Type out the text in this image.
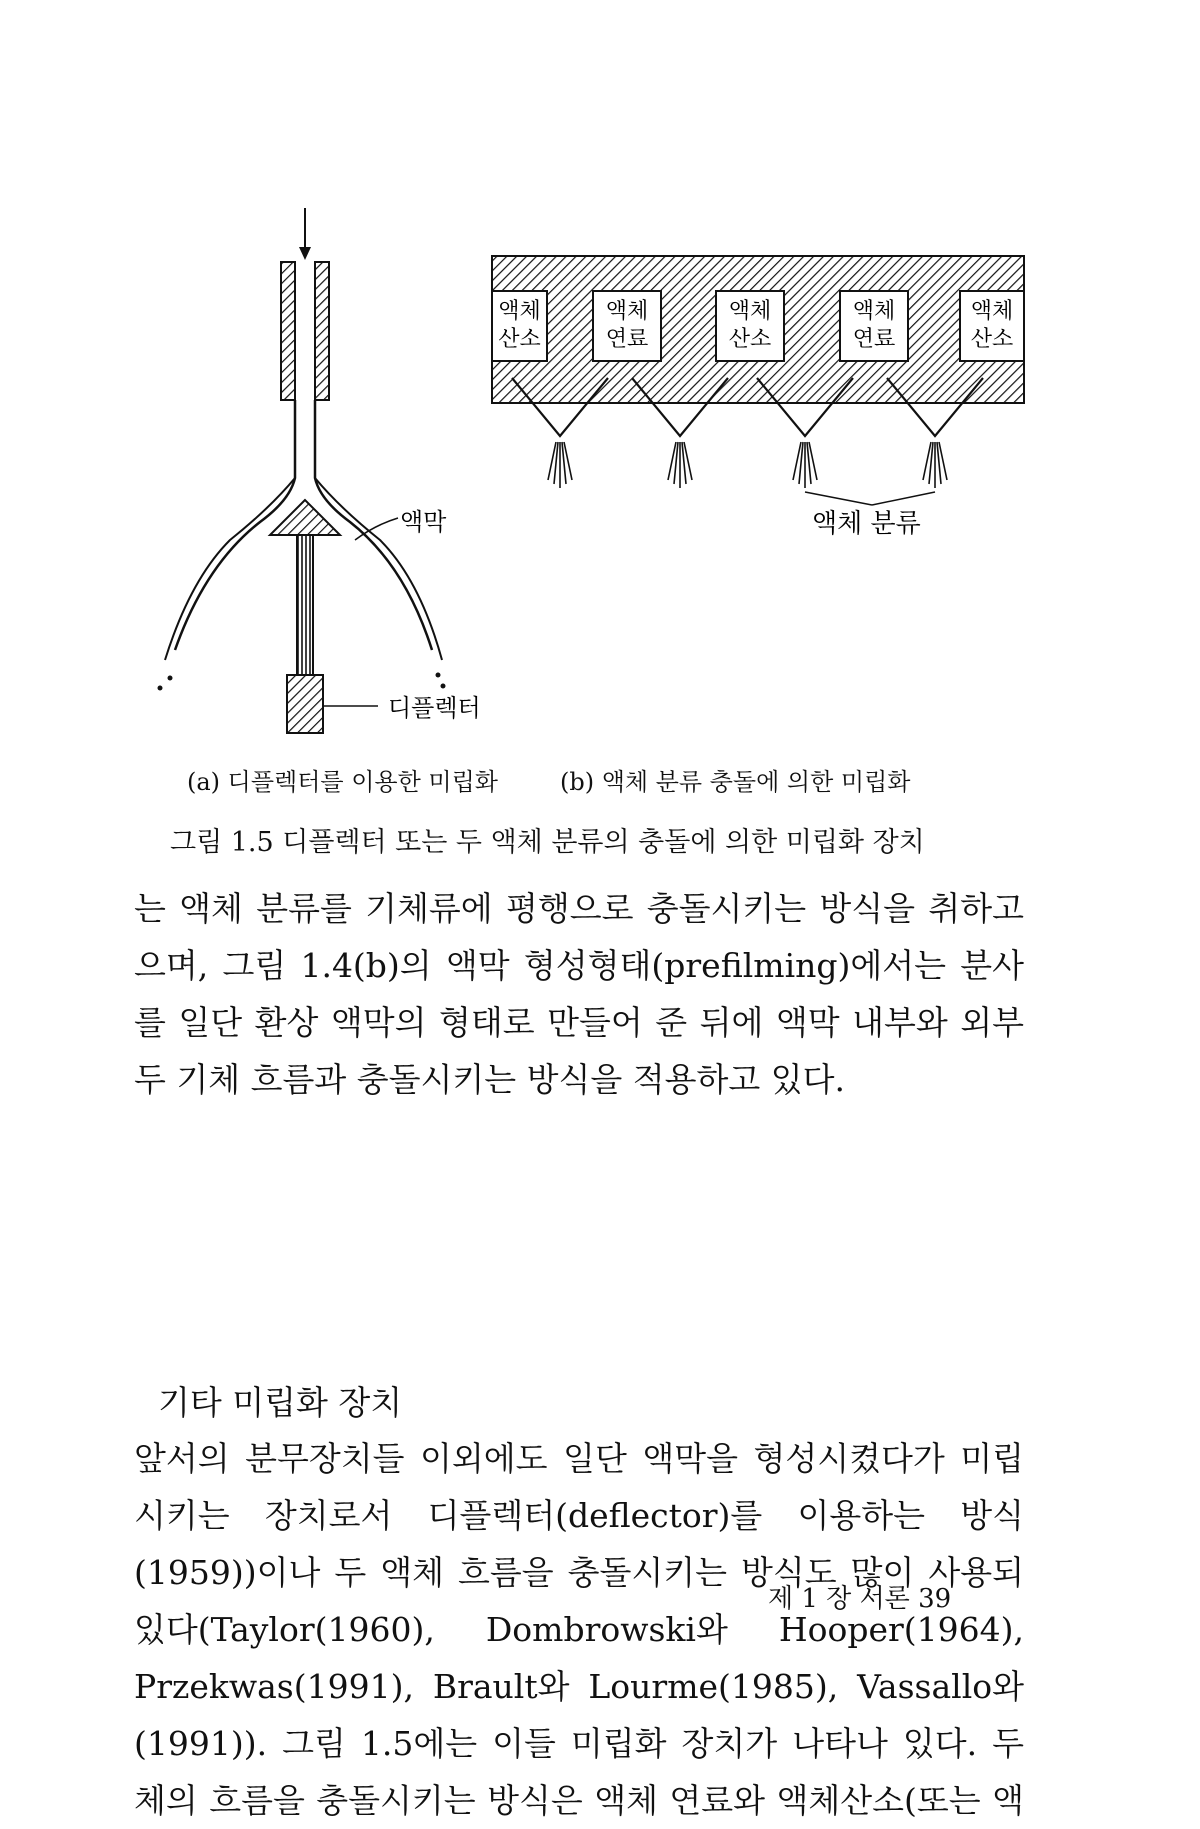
액막
디플렉터
액체
산소
액체
연료
액체
산소
액체
연료
액체
산소
액체 분류
(a) 디플렉터를 이용한 미립화	(b) 액체 분류 충돌에 의한 미립화
그림 1.5 디플렉터 또는 두 액체 분류의 충돌에 의한 미립화 장치
는 액체 분류를 기체류에 평행으로 충돌시키는 방식을 취하고
으며, 그림 1.4(b)의 액막 형성형태(prefilming)에서는 분사
를 일단 환상 액막의 형태로 만들어 준 뒤에 액막 내부와 외부
두 기체 흐름과 충돌시키는 방식을 적용하고 있다.
기타 미립화 장치
앞서의 분무장치들 이외에도 일단 액막을 형성시켰다가 미립
시키는 장치로서 디플렉터(deflector)를 이용하는 방식
(1959))이나 두 액체 흐름을 충돌시키는 방식도 많이 사용되
있다(Taylor(1960), Dombrowski와 Hooper(1964),
Przekwas(1991), Brault와 Lourme(1985), Vassallo와
(1991)). 그림 1.5에는 이들 미립화 장치가 나타나 있다. 두
체의 흐름을 충돌시키는 방식은 액체 연료와 액체산소(또는 액
제 1 장 서론 39
